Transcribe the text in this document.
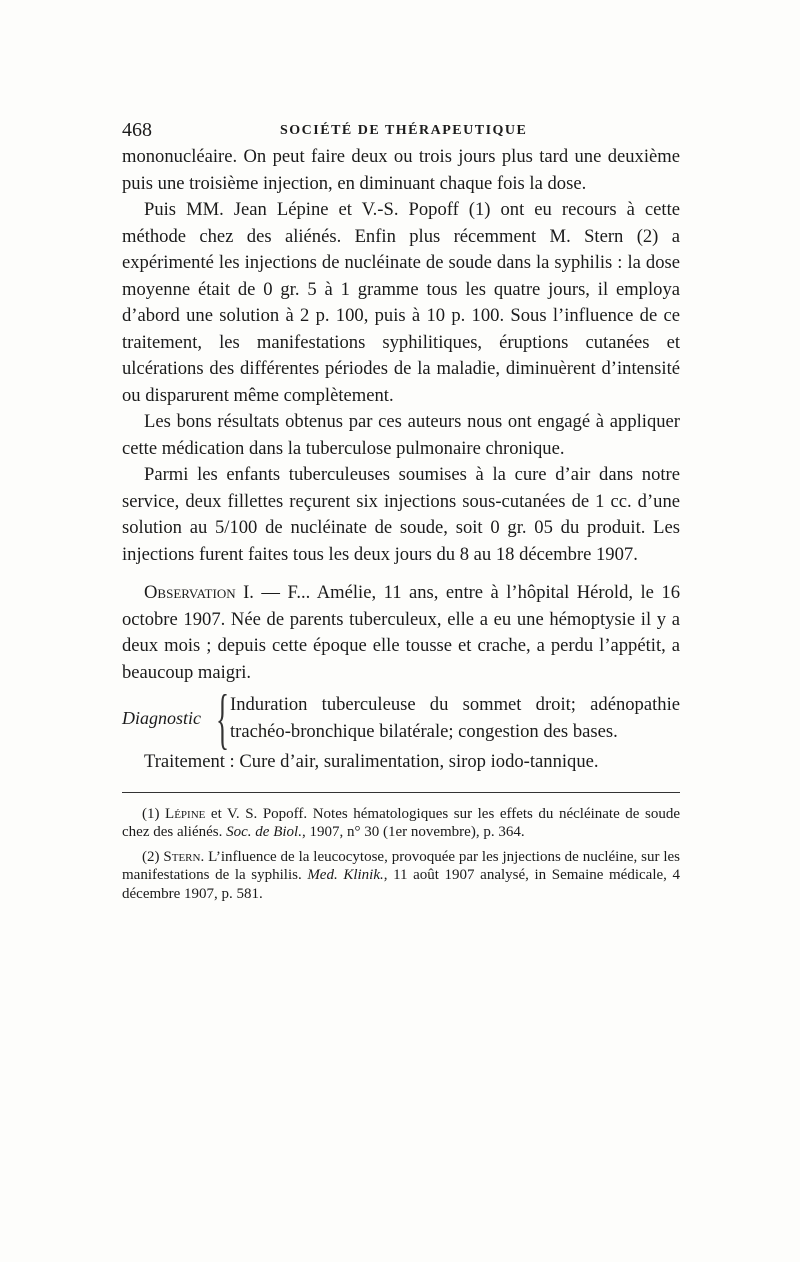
468	SOCIÉTÉ DE THÉRAPEUTIQUE

mononucléaire. On peut faire deux ou trois jours plus tard une deuxième puis une troisième injection, en diminuant chaque fois la dose.

Puis MM. Jean Lépine et V.-S. Popoff (1) ont eu recours à cette méthode chez des aliénés. Enfin plus récemment M. Stern (2) a expérimenté les injections de nucléinate de soude dans la syphilis : la dose moyenne était de 0 gr. 5 à 1 gramme tous les quatre jours, il employa d’abord une solution à 2 p. 100, puis à 10 p. 100. Sous l’influence de ce traitement, les manifestations syphilitiques, éruptions cutanées et ulcérations des différentes périodes de la maladie, diminuèrent d’intensité ou disparurent même complètement.

Les bons résultats obtenus par ces auteurs nous ont engagé à appliquer cette médication dans la tuberculose pulmonaire chronique.

Parmi les enfants tuberculeuses soumises à la cure d’air dans notre service, deux fillettes reçurent six injections sous-cutanées de 1 cc. d’une solution au 5/100 de nucléinate de soude, soit 0 gr. 05 du produit. Les injections furent faites tous les deux jours du 8 au 18 décembre 1907.

Observation I. — F... Amélie, 11 ans, entre à l’hôpital Hérold, le 16 octobre 1907. Née de parents tuberculeux, elle a eu une hémoptysie il y a deux mois ; depuis cette époque elle tousse et crache, a perdu l’appétit, a beaucoup maigri.

Diagnostic { Induration tuberculeuse du sommet droit; adénopathie trachéo-bronchique bilatérale; congestion des bases.

Traitement : Cure d’air, suralimentation, sirop iodo-tannique.

(1) Lépine et V. S. Popoff. Notes hématologiques sur les effets du nécléinate de soude chez des aliénés. Soc. de Biol., 1907, n° 30 (1er novembre), p. 364.

(2) Stern. L’influence de la leucocytose, provoquée par les jnjections de nucléine, sur les manifestations de la syphilis. Med. Klinik., 11 août 1907 analysé, in Semaine médicale, 4 décembre 1907, p. 581.
